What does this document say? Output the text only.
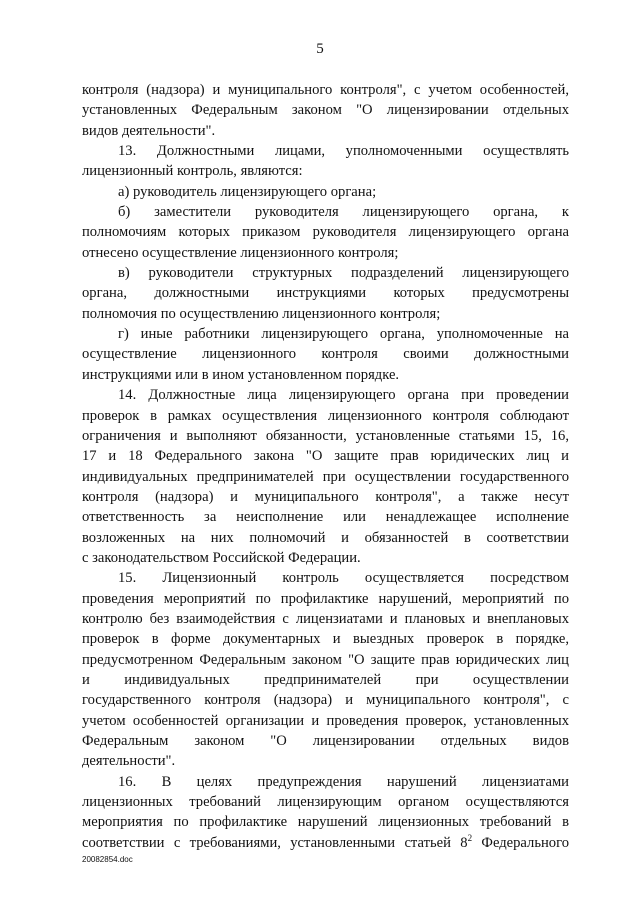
5
контроля (надзора) и муниципального контроля", с учетом особенностей,
установленных Федеральным законом "О лицензировании отдельных
видов деятельности".
13. Должностными лицами, уполномоченными осуществлять
лицензионный контроль, являются:
а) руководитель лицензирующего органа;
б) заместители руководителя лицензирующего органа, к
полномочиям которых приказом руководителя лицензирующего органа
отнесено осуществление лицензионного контроля;
в) руководители структурных подразделений лицензирующего
органа, должностными инструкциями которых предусмотрены
полномочия по осуществлению лицензионного контроля;
г) иные работники лицензирующего органа, уполномоченные на
осуществление лицензионного контроля своими должностными
инструкциями или в ином установленном порядке.
14. Должностные лица лицензирующего органа при проведении
проверок в рамках осуществления лицензионного контроля соблюдают
ограничения и выполняют обязанности, установленные статьями 15, 16,
17 и 18 Федерального закона "О защите прав юридических лиц и
индивидуальных предпринимателей при осуществлении государственного
контроля (надзора) и муниципального контроля", а также несут
ответственность за неисполнение или ненадлежащее исполнение
возложенных на них полномочий и обязанностей в соответствии
с законодательством Российской Федерации.
15. Лицензионный контроль осуществляется посредством
проведения мероприятий по профилактике нарушений, мероприятий по
контролю без взаимодействия с лицензиатами и плановых и внеплановых
проверок в форме документарных и выездных проверок в порядке,
предусмотренном Федеральным законом "О защите прав юридических лиц
и индивидуальных предпринимателей при осуществлении
государственного контроля (надзора) и муниципального контроля", с
учетом особенностей организации и проведения проверок, установленных
Федеральным законом "О лицензировании отдельных видов
деятельности".
16. В целях предупреждения нарушений лицензиатами
лицензионных требований лицензирующим органом осуществляются
мероприятия по профилактике нарушений лицензионных требований в
соответствии с требованиями, установленными статьей $8^2$ Федерального
20082854.doc
